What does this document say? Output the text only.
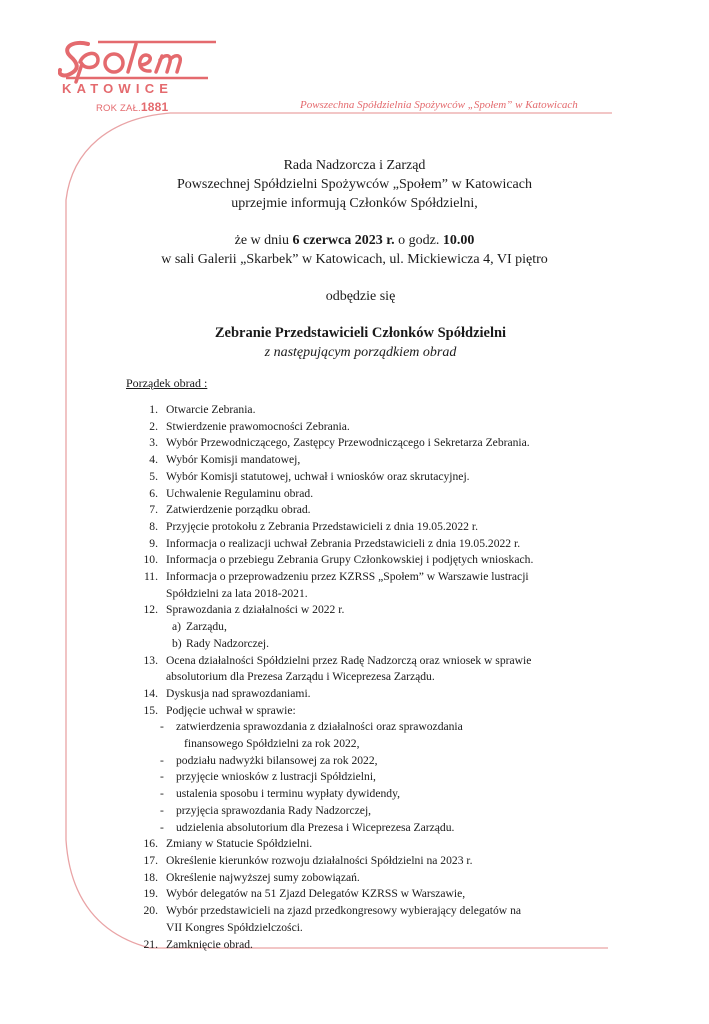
KATOWICE
ROK ZAŁ.1881	Powszechna Spółdzielnia Spożywców „Społem” w Katowicach
Rada Nadzorcza i Zarząd
Powszechnej Spółdzielni Spożywców „Społem” w Katowicach
uprzejmie informują Członków Spółdzielni,
że w dniu 6 czerwca 2023 r. o godz. 10.00
w sali Galerii „Skarbek” w Katowicach, ul. Mickiewicza 4, VI piętro
odbędzie się
Zebranie Przedstawicieli Członków Spółdzielni
z następującym porządkiem obrad
Porządek obrad :
1. Otwarcie Zebrania.
2. Stwierdzenie prawomocności Zebrania.
3. Wybór Przewodniczącego, Zastępcy Przewodniczącego i Sekretarza Zebrania.
4. Wybór Komisji mandatowej,
5. Wybór Komisji statutowej, uchwał i wniosków oraz skrutacyjnej.
6. Uchwalenie Regulaminu obrad.
7. Zatwierdzenie porządku obrad.
8. Przyjęcie protokołu z Zebrania Przedstawicieli z dnia 19.05.2022 r.
9. Informacja o realizacji uchwał Zebrania Przedstawicieli z dnia 19.05.2022 r.
10. Informacja o przebiegu Zebrania Grupy Członkowskiej i podjętych wnioskach.
11. Informacja o przeprowadzeniu przez KZRSS „Społem” w Warszawie lustracji
Spółdzielni za lata 2018-2021.
12. Sprawozdania z działalności w 2022 r.
a) Zarządu,
b) Rady Nadzorczej.
13. Ocena działalności Spółdzielni przez Radę Nadzorczą oraz wniosek w sprawie
absolutorium dla Prezesa Zarządu i Wiceprezesa Zarządu.
14. Dyskusja nad sprawozdaniami.
15. Podjęcie uchwał w sprawie:
-	zatwierdzenia sprawozdania z działalności oraz sprawozdania
finansowego Spółdzielni za rok 2022,
-	podziału nadwyżki bilansowej za rok 2022,
-	przyjęcie wniosków z lustracji Spółdzielni,
-	ustalenia sposobu i terminu wypłaty dywidendy,
-	przyjęcia sprawozdania Rady Nadzorczej,
-	udzielenia absolutorium dla Prezesa i Wiceprezesa Zarządu.
16. Zmiany w Statucie Spółdzielni.
17. Określenie kierunków rozwoju działalności Spółdzielni na 2023 r.
18. Określenie najwyższej sumy zobowiązań.
19. Wybór delegatów na 51 Zjazd Delegatów KZRSS w Warszawie,
20. Wybór przedstawicieli na zjazd przedkongresowy wybierający delegatów na
VII Kongres Spółdzielczości.
21. Zamknięcie obrad.
